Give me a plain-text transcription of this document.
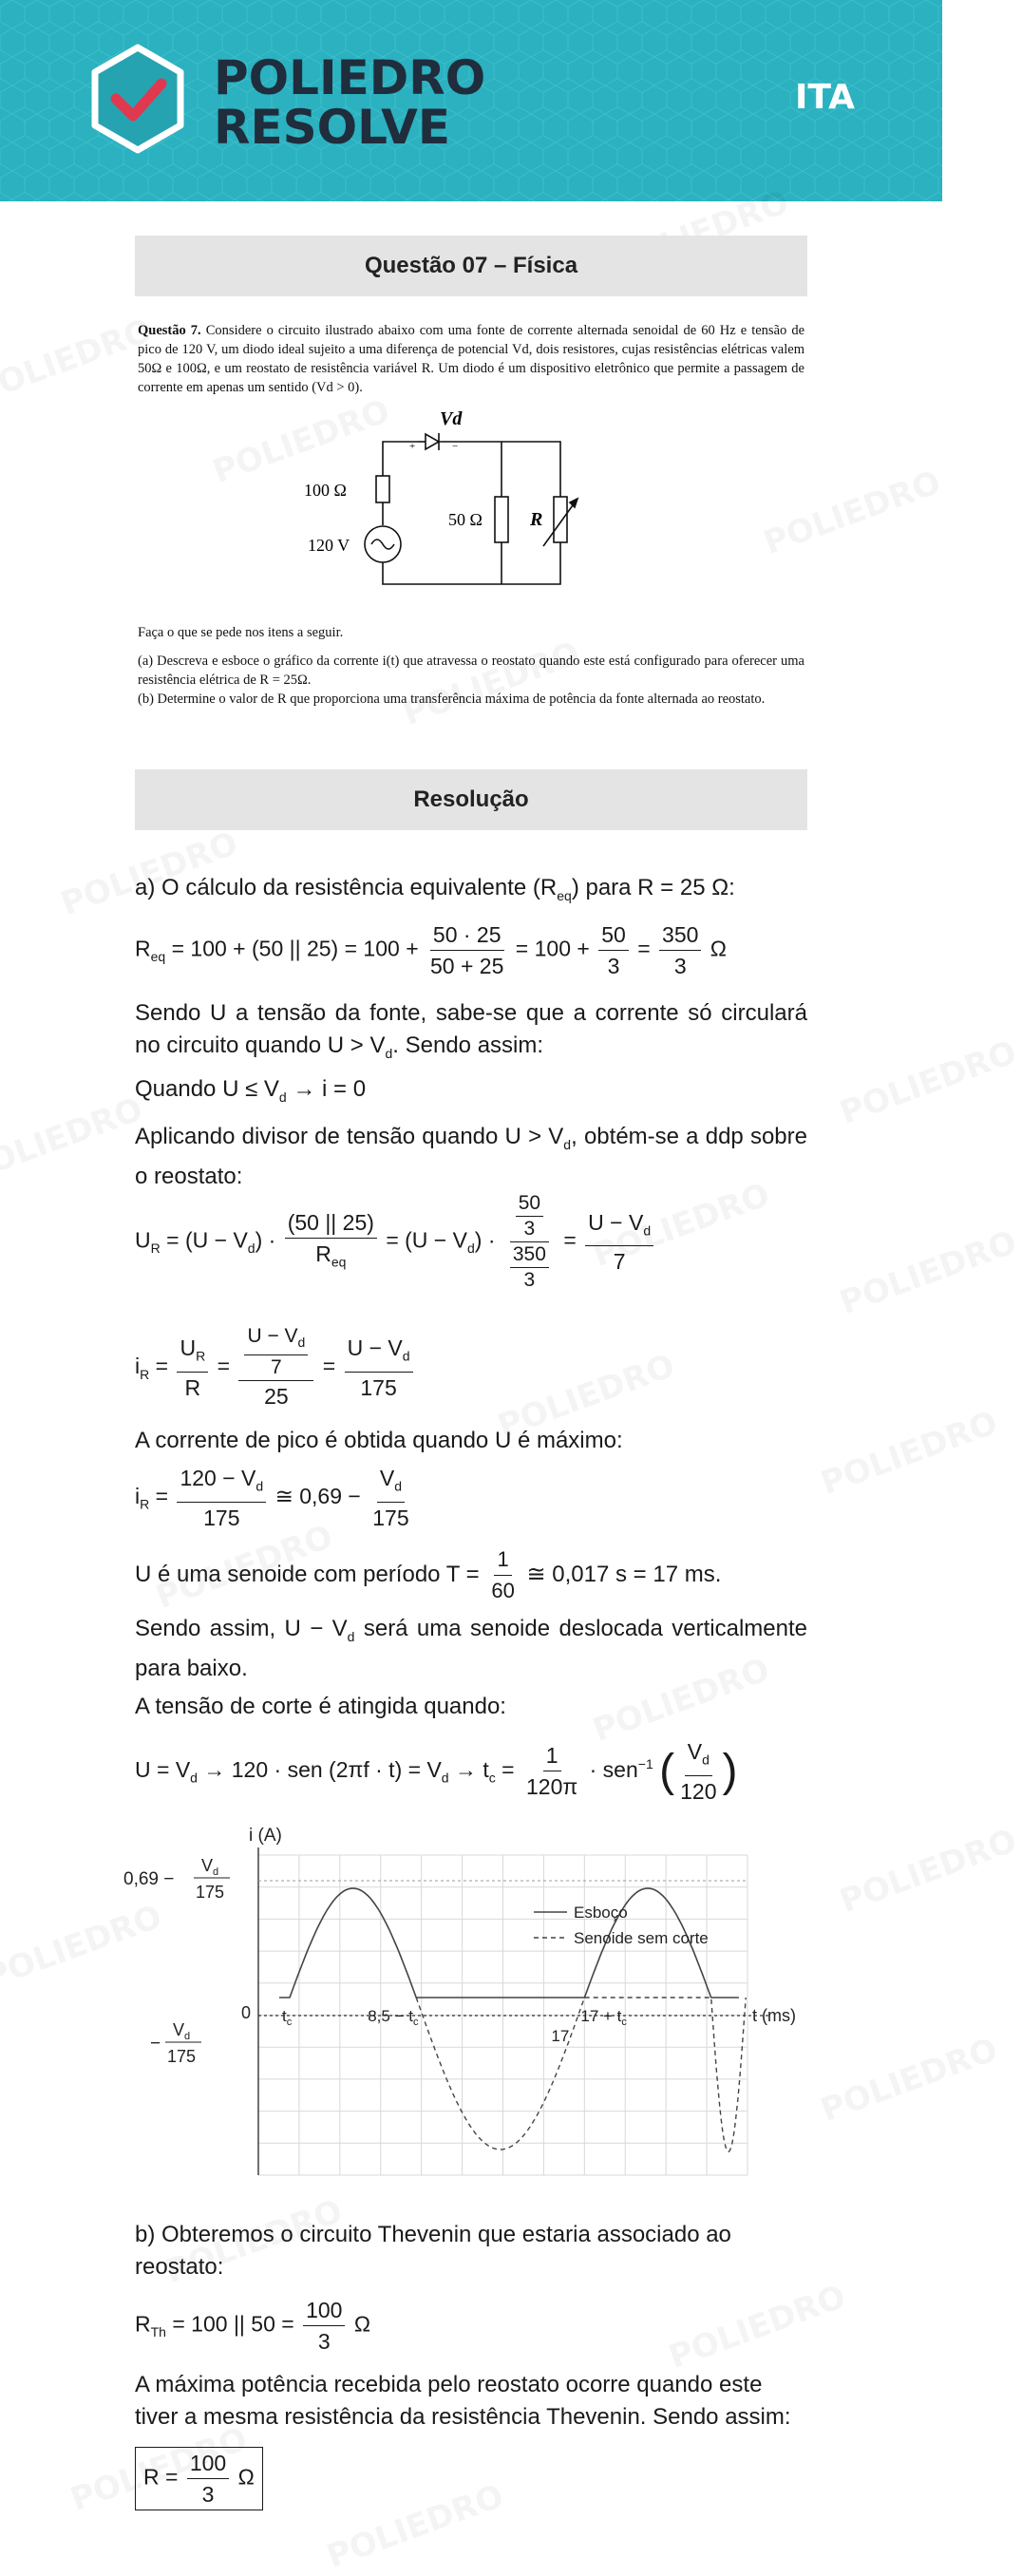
POLIEDRO
RESOLVE
ITA
Questão 07 – Física

Questão 7. Considere o circuito ilustrado abaixo com uma fonte de corrente alternada senoidal de 60 Hz e tensão de pico de 120 V, um diodo ideal sujeito a uma diferença de potencial Vd, dois resistores, cujas resistências elétricas valem 50Ω e 100Ω, e um reostato de resistência variável R. Um diodo é um dispositivo eletrônico que permite a passagem de corrente em apenas um sentido (Vd > 0).

Vd
+	−
100 Ω
50 Ω
120 V
R

Faça o que se pede nos itens a seguir.

(a) Descreva e esboce o gráfico da corrente i(t) que atravessa o reostato quando este está configurado para oferecer uma resistência elétrica de R = 25Ω.

(b) Determine o valor de R que proporciona uma transferência máxima de potência da fonte alternada ao reostato.

Resolução

a) O cálculo da resistência equivalente $(R_{eq})$ para R = 25 Ω:

$R_{eq} = 100 + (50$ || $25) = 100 + \frac{50 \cdot 25}{50 + 25} = 100 + \frac{50}{3} = \frac{350}{3}$ Ω

Sendo U a tensão da fonte, sabe-se que a corrente só circulará no circuito quando $U > V_d$. Sendo assim:

Quando $U \le V_d \to i = 0$

Aplicando divisor de tensão quando $U > V_d$, obtém-se a ddp sobre o reostato:

$U_R = (U - V_d) \cdot \frac{(50 || 25)}{R_{eq}} = (U - V_d) \cdot \frac{\frac{50}{3}}{\frac{350}{3}} = \frac{U - V_d}{7}$
$i_R = \frac{U_R}{R} = \frac{\frac{U - V_d}{7}}{25} = \frac{U - V_d}{175}$
A corrente de pico é obtida quando U é máximo:
$i_R = \frac{120 - V_d}{175}$ ≅ $0,69 - \frac{V_d}{175}$

U é uma senoide com período $T = \frac{1}{60}$ ≅ 0,017 s = 17 ms.

Sendo assim, $U - V_d$ será uma senoide deslocada verticalmente para baixo.

A tensão de corte é atingida quando:
$U = V_d \to 120$ · sen $(2\pi f \cdot t) = V_d \to t_c = \frac{1}{120\pi} \cdot sen^{-1}$ ( $\frac{V_d}{120}$ )
i (A)
t (ms)
0,69 −
V d
175
0
−
V d
175
$t_c$	$8,5 - t_c$
17
$17 + t_c$
Esboço
Senoide sem corte
b) Obteremos o circuito Thevenin que estaria associado ao reostato:
$R_{Th} = 100$ || $50 = \frac{100}{3}$ Ω
A máxima potência recebida pelo reostato ocorre quando este tiver a mesma resistência da resistência Thevenin. Sendo assim:
$R = \frac{100}{3}$ Ω
